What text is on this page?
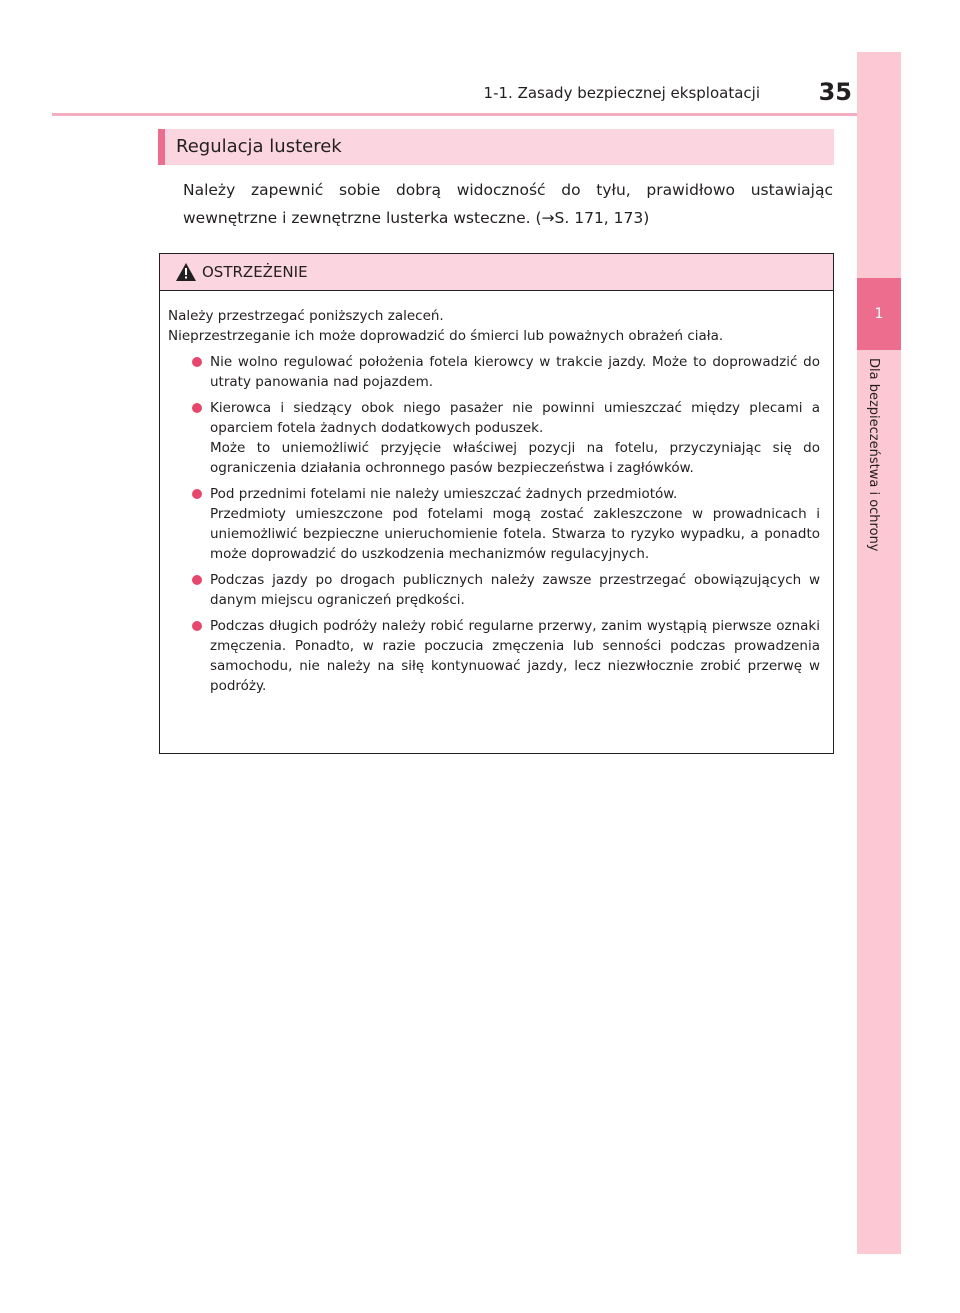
1-1. Zasady bezpiecznej eksploatacji 35
1
Dla bezpieczeństwa i ochrony
Regulacja lusterek

Należy zapewnić sobie dobrą widoczność do tyłu, prawidłowo ustawiając wewnętrzne i zewnętrzne lusterka wsteczne. (→S. 171, 173)

OSTRZEŻENIE

Należy przestrzegać poniższych zaleceń.

Nieprzestrzeganie ich może doprowadzić do śmierci lub poważnych obrażeń ciała.

Nie wolno regulować położenia fotela kierowcy w trakcie jazdy. Może to doprowadzić do utraty panowania nad pojazdem.
Kierowca i siedzący obok niego pasażer nie powinni umieszczać między plecami a oparciem fotela żadnych dodatkowych poduszek.
Może to uniemożliwić przyjęcie właściwej pozycji na fotelu, przyczyniając się do ograniczenia działania ochronnego pasów bezpieczeństwa i zagłówków.
Pod przednimi fotelami nie należy umieszczać żadnych przedmiotów.
Przedmioty umieszczone pod fotelami mogą zostać zakleszczone w prowadnicach i uniemożliwić bezpieczne unieruchomienie fotela. Stwarza to ryzyko wypadku, a ponadto może doprowadzić do uszkodzenia mechanizmów regulacyjnych.
Podczas jazdy po drogach publicznych należy zawsze przestrzegać obowiązujących w danym miejscu ograniczeń prędkości.
Podczas długich podróży należy robić regularne przerwy, zanim wystąpią pierwsze oznaki zmęczenia. Ponadto, w razie poczucia zmęczenia lub senności podczas prowadzenia samochodu, nie należy na siłę kontynuować jazdy, lecz niezwłocznie zrobić przerwę w podróży.
